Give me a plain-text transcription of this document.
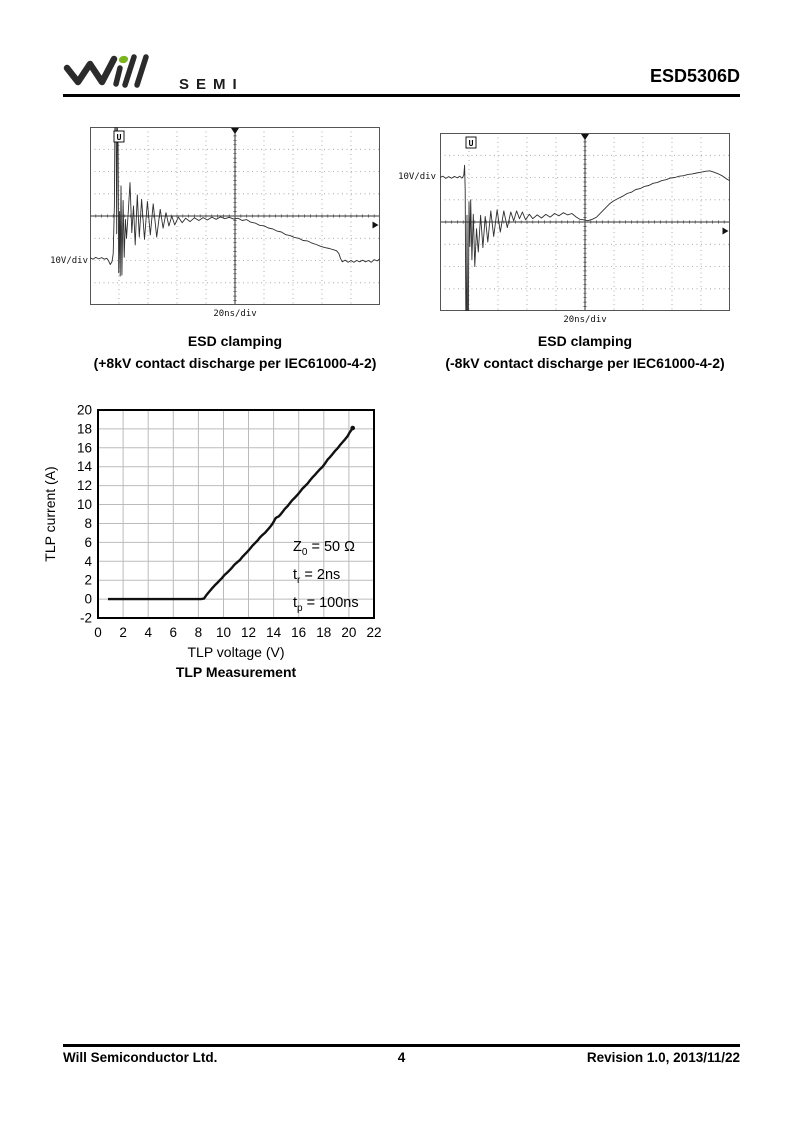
SEMI	ESD5306D
10V/div
U
20ns/div
10V/div
U
20ns/div
ESD clamping
(+8kV contact discharge per IEC61000-4-2)
ESD clamping
(-8kV contact discharge per IEC61000-4-2)
TLP current (A)
0 2 4 6 8 10 12 14 16 18 20 22
-2
0
2
4
6
8
10
12
14
16
18
20
$Z_0 = 50$ Ω
$t_r = 2ns$
$t_p = 100ns$
TLP voltage (V)
TLP Measurement
Will Semiconductor Ltd.	4	Revision 1.0, 2013/11/22
